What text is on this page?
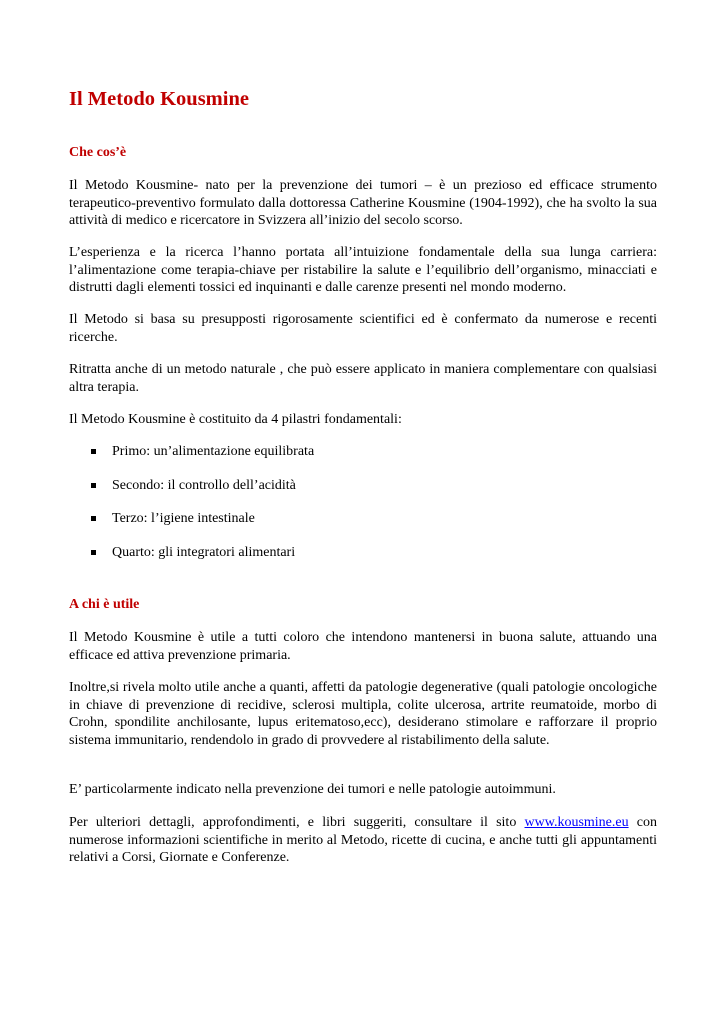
Il Metodo Kousmine
Che cos’è

Il Metodo Kousmine- nato per la prevenzione dei tumori – è un prezioso ed efficace strumento terapeutico-preventivo formulato dalla dottoressa Catherine Kousmine (1904-1992), che ha svolto la sua attività di medico e ricercatore in Svizzera all’inizio del secolo scorso.

L’esperienza e la ricerca l’hanno portata all’intuizione fondamentale della sua lunga carriera: l’alimentazione come terapia-chiave per ristabilire la salute e l’equilibrio dell’organismo, minacciati e distrutti dagli elementi tossici ed inquinanti e dalle carenze presenti nel mondo moderno.

Il Metodo si basa su presupposti rigorosamente scientifici ed è confermato da numerose e recenti ricerche.

Ritratta anche di un metodo naturale , che può essere applicato in maniera complementare con qualsiasi altra terapia.

Il Metodo Kousmine è costituito da 4 pilastri fondamentali:

Primo: un’alimentazione equilibrata
Secondo: il controllo dell’acidità
Terzo: l’igiene intestinale
Quarto: gli integratori alimentari
A chi è utile

Il Metodo Kousmine è utile a tutti coloro che intendono mantenersi in buona salute, attuando una efficace ed attiva prevenzione primaria.

Inoltre,si rivela molto utile anche a quanti, affetti da patologie degenerative (quali patologie oncologiche in chiave di prevenzione di recidive, sclerosi multipla, colite ulcerosa, artrite reumatoide, morbo di Crohn, spondilite anchilosante, lupus eritematoso,ecc), desiderano stimolare e rafforzare il proprio sistema immunitario, rendendolo in grado di provvedere al ristabilimento della salute.

E’ particolarmente indicato nella prevenzione dei tumori e nelle patologie autoimmuni.

Per ulteriori dettagli, approfondimenti, e libri suggeriti, consultare il sito www.kousmine.eu con numerose informazioni scientifiche in merito al Metodo, ricette di cucina, e anche tutti gli appuntamenti relativi a Corsi, Giornate e Conferenze.
